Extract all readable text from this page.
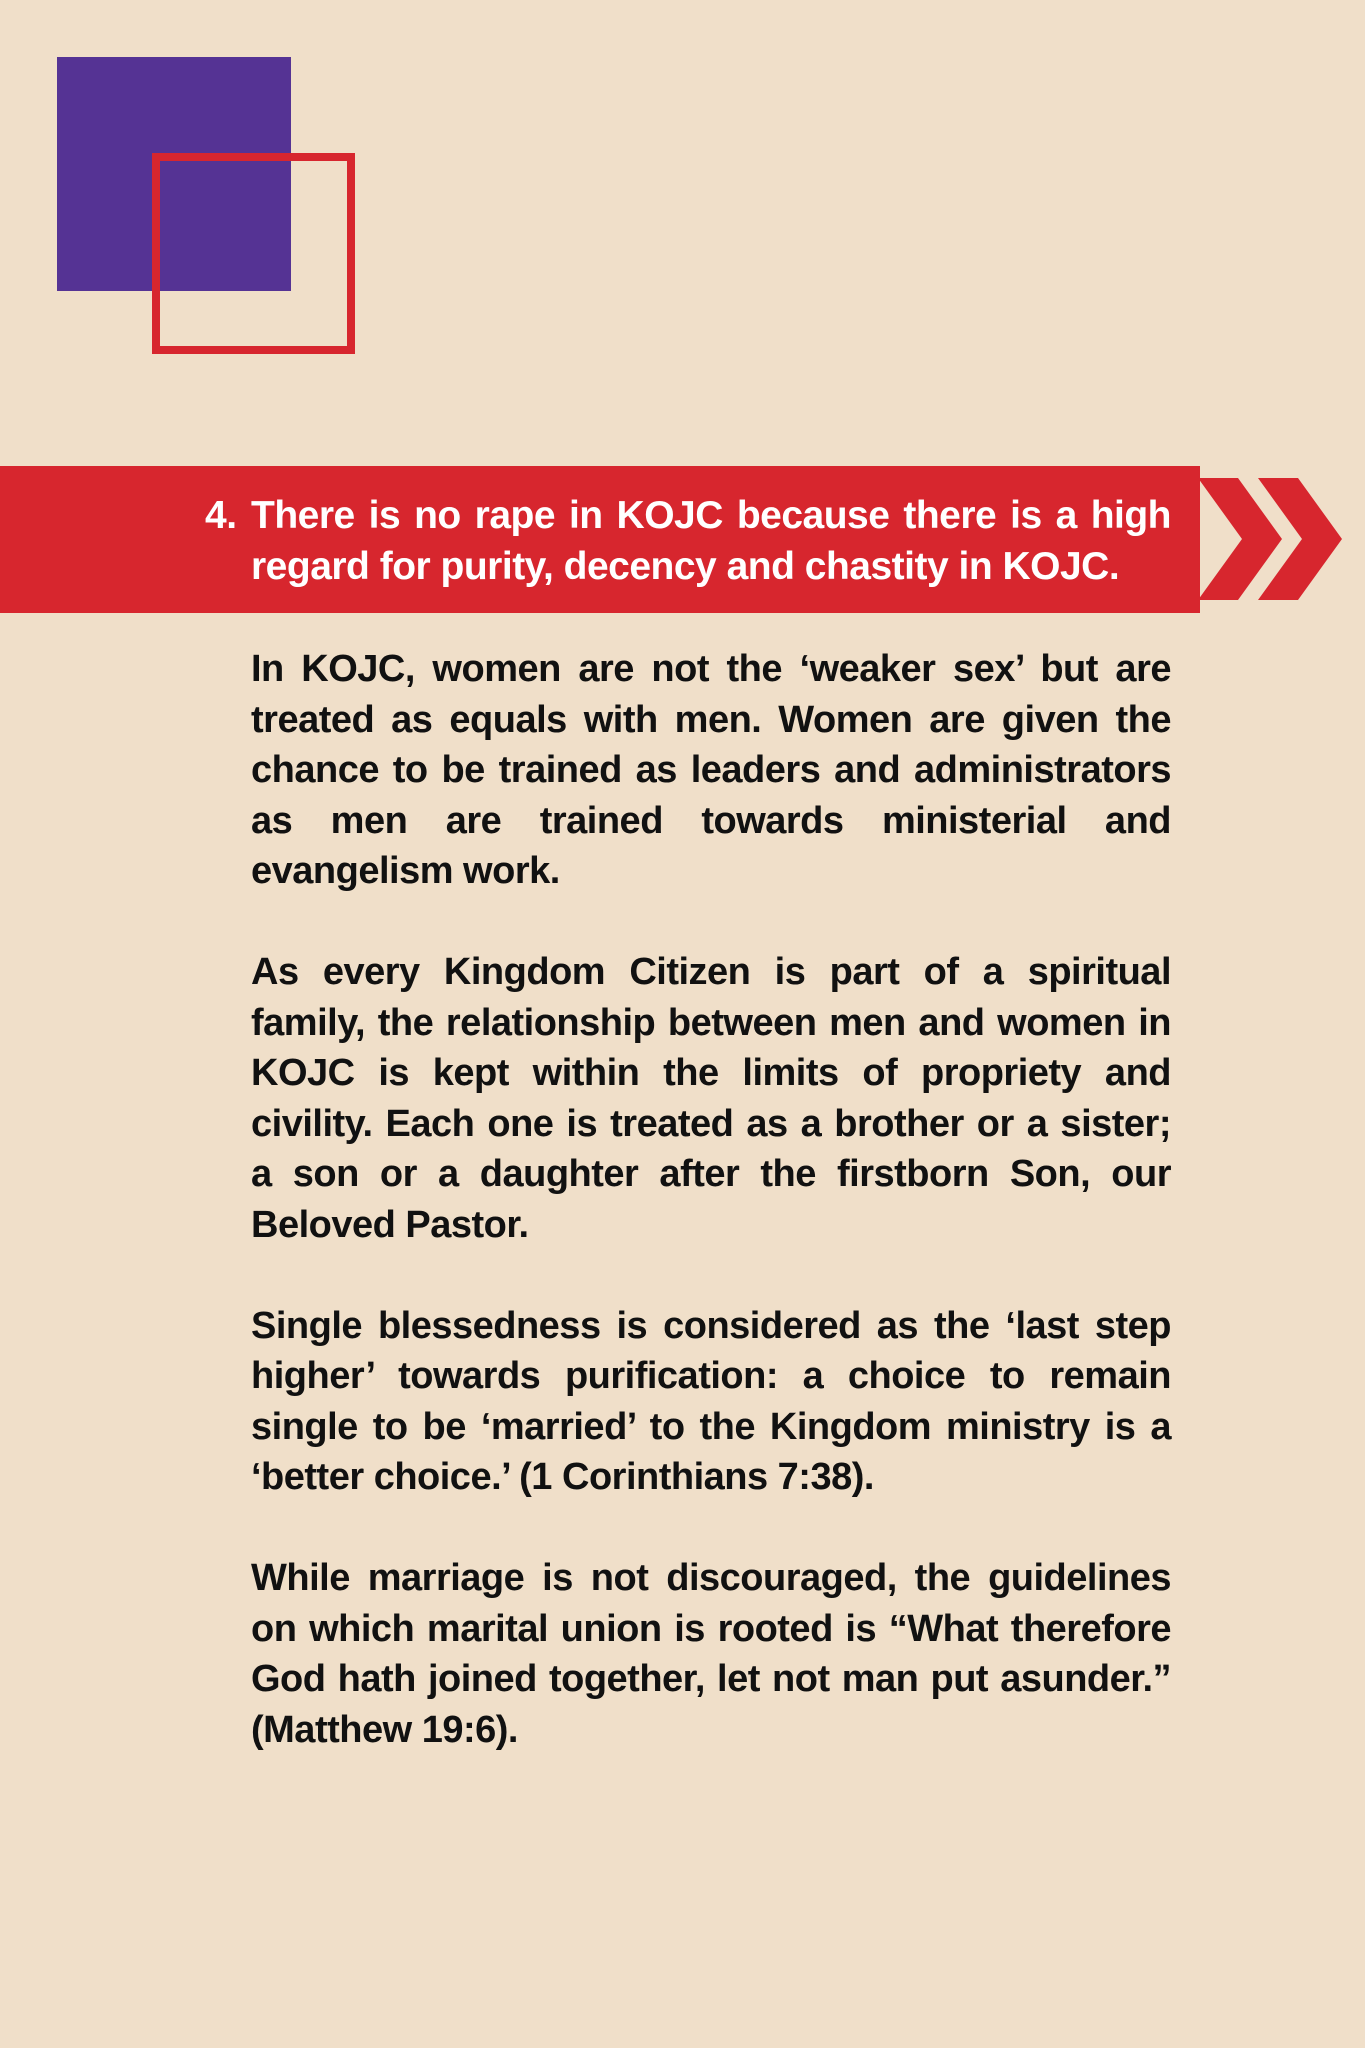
4. There is no rape in KOJC because there is a high regard for purity, decency and chastity in KOJC.

In KOJC, women are not the ‘weaker sex’ but are treated as equals with men. Women are given the chance to be trained as leaders and administrators as men are trained towards ministerial and evangelism work.

As every Kingdom Citizen is part of a spiritual family, the relationship between men and women in KOJC is kept within the limits of propriety and civility. Each one is treated as a brother or a sister; a son or a daughter after the firstborn Son, our Beloved Pastor.

Single blessedness is considered as the ‘last step higher’ towards purification: a choice to remain single to be ‘married’ to the Kingdom ministry is a ‘better choice.’ (1 Corinthians 7:38).

While marriage is not discouraged, the guidelines on which marital union is rooted is “What therefore God hath joined together, let not man put asunder.” (Matthew 19:6).
